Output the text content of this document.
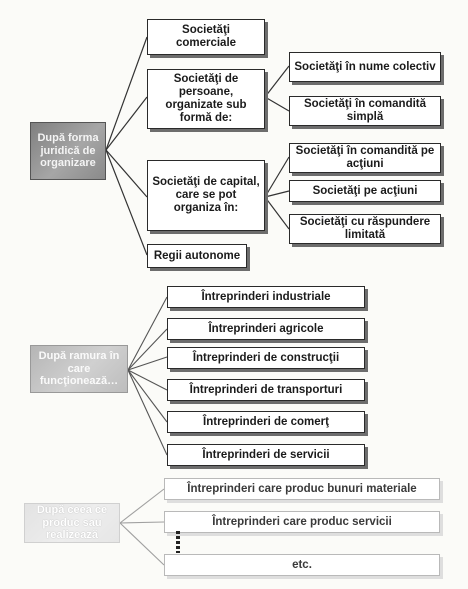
După forma juridică de organizare
Societăţi comerciale
Societăţi de persoane, organizate sub formă de:
Societăţi de capital, care se pot organiza în:
Regii autonome
Societăţi în nume colectiv
Societăţi în comandită simplă
Societăţi în comandită pe acţiuni
Societăţi pe acţiuni
Societăţi cu răspundere limitată
După ramura în care funcţionează…
Întreprinderi industriale
Întreprinderi agricole
Întreprinderi de construcţii
Întreprinderi de transporturi
Întreprinderi de comerţ
Întreprinderi de servicii
După ceea ce produc sau realizează
Întreprinderi care produc bunuri materiale
Întreprinderi care produc servicii
etc.
